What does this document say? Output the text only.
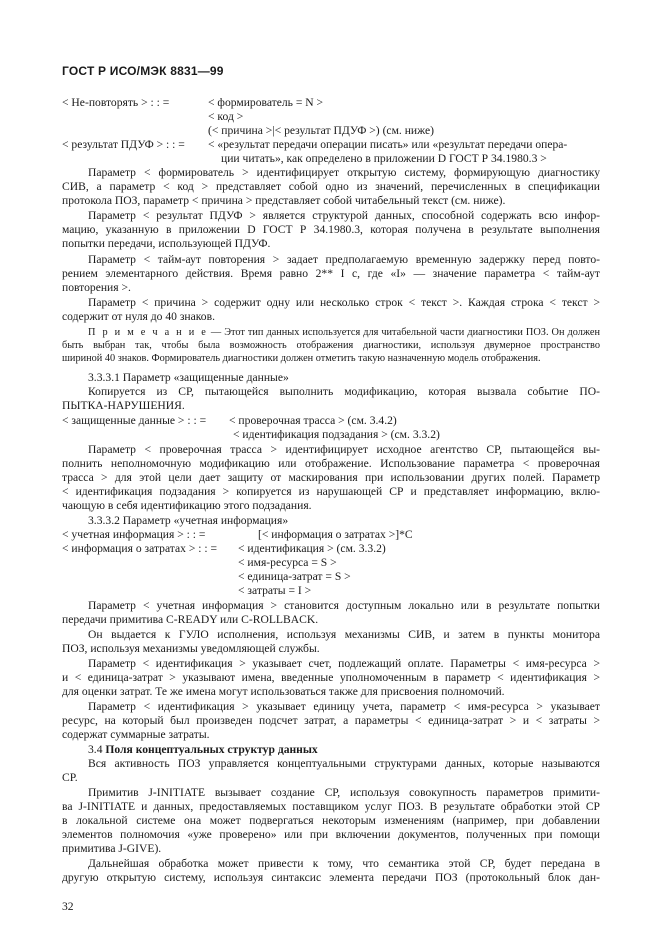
ГОСТ Р ИСО/МЭК 8831—99
< Не-повторять > : : =	< формирователь = N >
< код >
(< причина >|< результат ПДУФ >) (см. ниже)
< результат ПДУФ > : : = < «результат передачи операции писать» или «результат передачи опера-
ции читать», как определено в приложении D ГОСТ Р 34.1980.3 >
Параметр < формирователь > идентифицирует открытую систему, формирующую диагностику
СИВ, а параметр < код > представляет собой одно из значений, перечисленных в спецификации
протокола ПОЗ, параметр < причина > представляет собой читабельный текст (см. ниже).
Параметр < результат ПДУФ > является структурой данных, способной содержать всю инфор-
мацию, указанную в приложении D ГОСТ Р 34.1980.3, которая получена в результате выполнения
попытки передачи, использующей ПДУФ.
Параметр < тайм-аут повторения > задает предполагаемую временную задержку перед повто-
рением элементарного действия. Время равно 2** I с, где «I» — значение параметра < тайм-аут
повторения >.
Параметр < причина > содержит одну или несколько строк < текст >. Каждая строка < текст >
содержит от нуля до 40 знаков.
П р и м е ч а н и е — Этот тип данных используется для читабельной части диагностики ПОЗ. Он должен
быть выбран так, чтобы была возможность отображения диагностики, используя двумерное пространство
шириной 40 знаков. Формирователь диагностики должен отметить такую назначенную модель отображения.
3.3.3.1 Параметр «защищенные данные»
Копируется из СР, пытающейся выполнить модификацию, которая вызвала событие ПО-
ПЫТКА-НАРУШЕНИЯ.
< защищенные данные > : : = < проверочная трасса > (см. 3.4.2)
< идентификация подзадания > (см. 3.3.2)
Параметр < проверочная трасса > идентифицирует исходное агентство СР, пытающейся вы-
полнить неполномочную модификацию или отображение. Использование параметра < проверочная
трасса > для этой цели дает защиту от маскирования при использовании других полей. Параметр
< идентификация подзадания > копируется из нарушающей СР и представляет информацию, вклю-
чающую в себя идентификацию этого подзадания.
3.3.3.2 Параметр «учетная информация»
< учетная информация > : : =	[< информация о затратах >]*С
< информация о затратах > : : = < идентификация > (см. 3.3.2)
< имя-ресурса = S >
< единица-затрат = S >
< затраты = I >
Параметр < учетная информация > становится доступным локально или в результате попытки
передачи примитива C-READY или C-ROLLBACK.
Он выдается к ГУЛО исполнения, используя механизмы СИВ, и затем в пункты монитора
ПОЗ, используя механизмы уведомляющей службы.
Параметр < идентификация > указывает счет, подлежащий оплате. Параметры < имя-ресурса >
и < единица-затрат > указывают имена, введенные уполномоченным в параметр < идентификация >
для оценки затрат. Те же имена могут использоваться также для присвоения полномочий.
Параметр < идентификация > указывает единицу учета, параметр < имя-ресурса > указывает
ресурс, на который был произведен подсчет затрат, а параметры < единица-затрат > и < затраты >
содержат суммарные затраты.
3.4 Поля концептуальных структур данных
Вся активность ПОЗ управляется концептуальными структурами данных, которые называются
СР.
Примитив J-INITIATE вызывает создание СР, используя совокупность параметров примити-
ва J-INITIATE и данных, предоставляемых поставщиком услуг ПОЗ. В результате обработки этой СР
в локальной системе она может подвергаться некоторым изменениям (например, при добавлении
элементов полномочия «уже проверено» или при включении документов, полученных при помощи
примитива J-GIVE).
Дальнейшая обработка может привести к тому, что семантика этой СР, будет передана в
другую открытую систему, используя синтаксис элемента передачи ПОЗ (протокольный блок дан-
32
